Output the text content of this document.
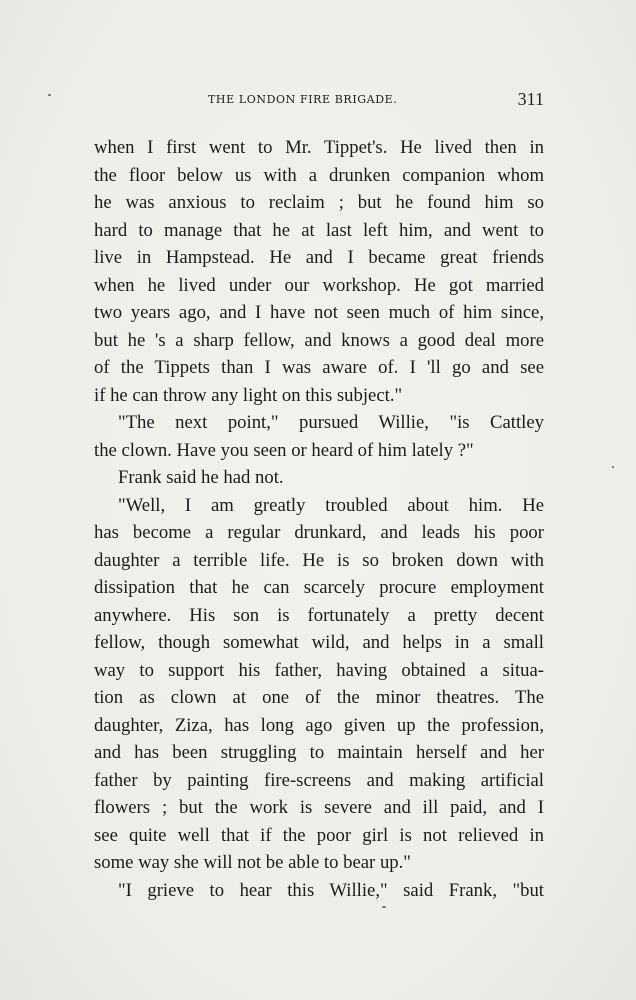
THE LONDON FIRE BRIGADE.	311
when I first went to Mr. Tippet's. He lived then in
the floor below us with a drunken companion whom
he was anxious to reclaim ; but he found him so
hard to manage that he at last left him, and went to
live in Hampstead. He and I became great friends
when he lived under our workshop. He got married
two years ago, and I have not seen much of him since,
but he 's a sharp fellow, and knows a good deal more
of the Tippets than I was aware of. I 'll go and see
if he can throw any light on this subject."
"The next point," pursued Willie, "is Cattley
the clown. Have you seen or heard of him lately ?"
Frank said he had not.
"Well, I am greatly troubled about him. He
has become a regular drunkard, and leads his poor
daughter a terrible life. He is so broken down with
dissipation that he can scarcely procure employment
anywhere. His son is fortunately a pretty decent
fellow, though somewhat wild, and helps in a small
way to support his father, having obtained a situa-
tion as clown at one of the minor theatres. The
daughter, Ziza, has long ago given up the profession,
and has been struggling to maintain herself and her
father by painting fire-screens and making artificial
flowers ; but the work is severe and ill paid, and I
see quite well that if the poor girl is not relieved in
some way she will not be able to bear up."
"I grieve to hear this Willie," said Frank, "but
